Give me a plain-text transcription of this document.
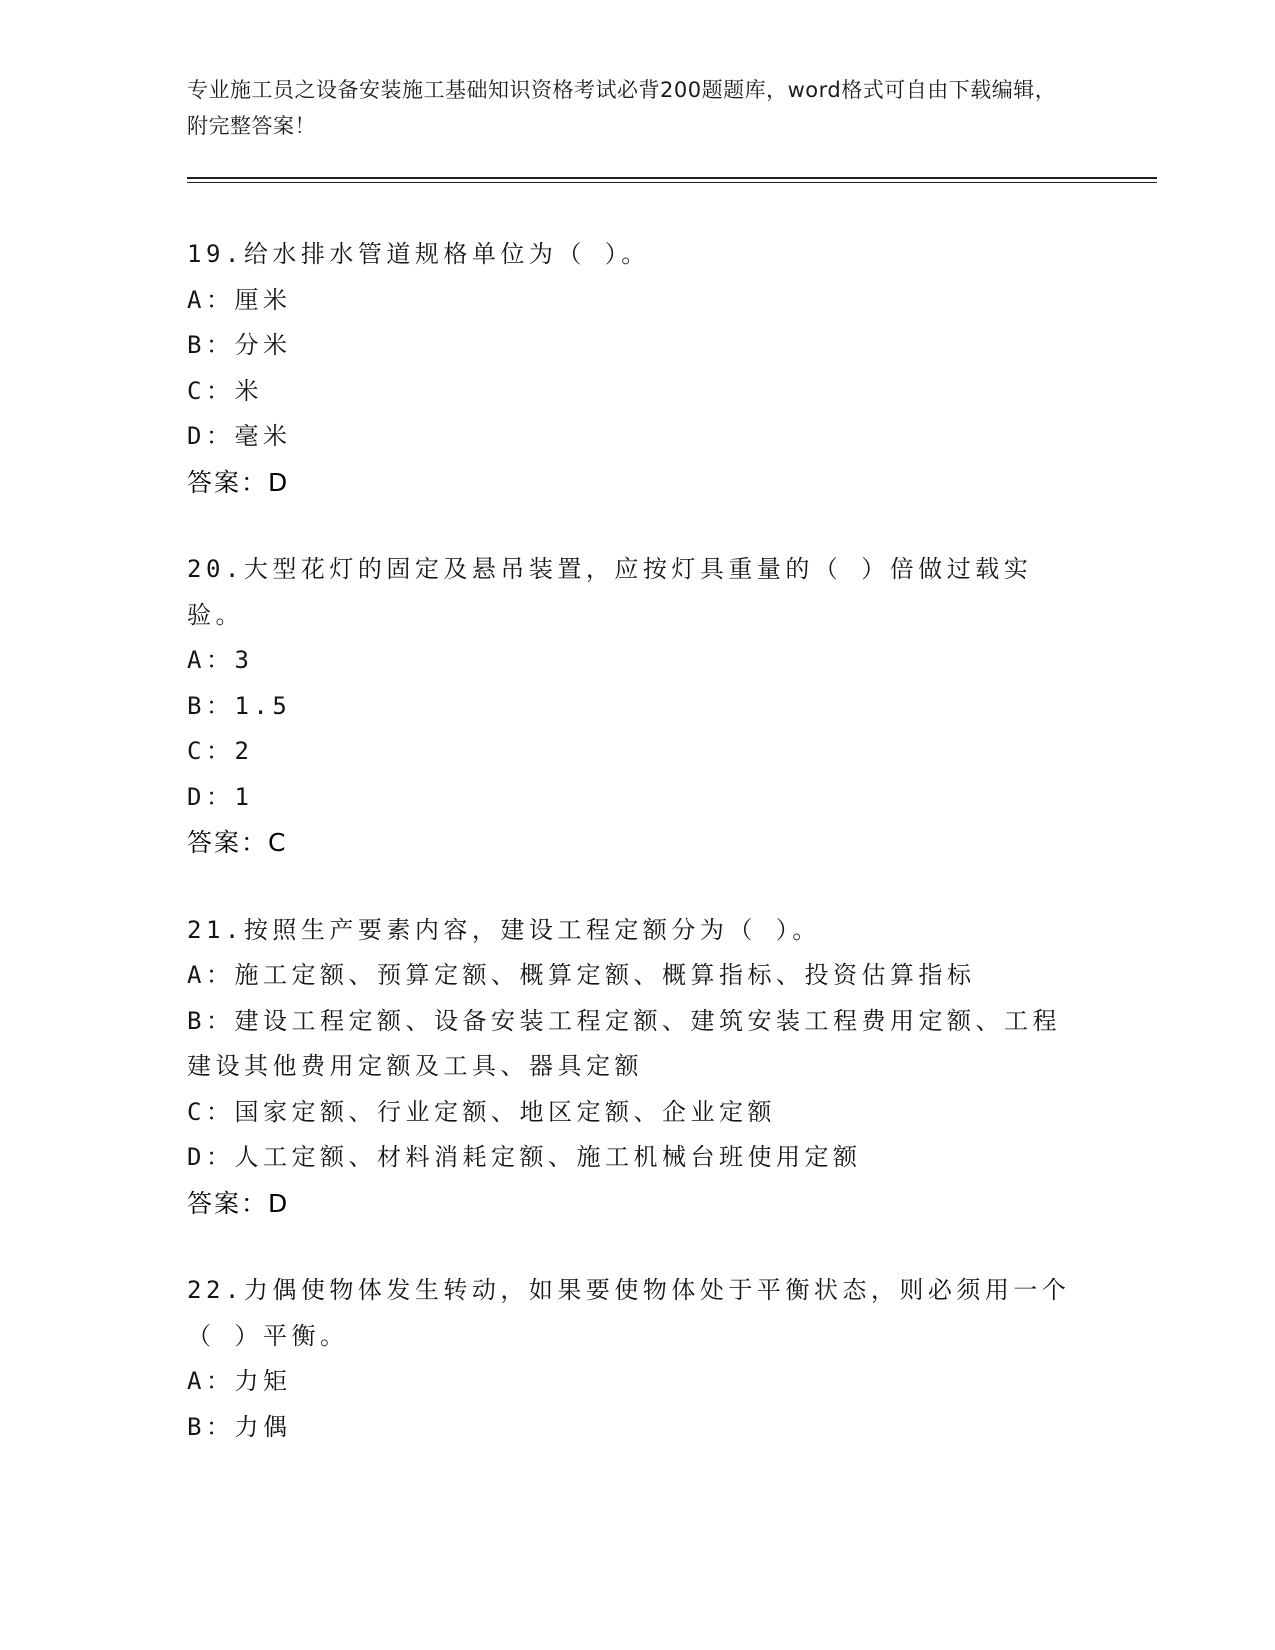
专业施工员之设备安装施工基础知识资格考试必背200题题库，word格式可自由下载编辑，附完整答案！
19.给水排水管道规格单位为（ ）。
A：厘米
B：分米
C：米
D：毫米
答案：D
20.大型花灯的固定及悬吊装置，应按灯具重量的（ ）倍做过载实验。
A：3
B：1.5
C：2
D：1
答案：C
21.按照生产要素内容，建设工程定额分为（ ）。
A：施工定额、预算定额、概算定额、概算指标、投资估算指标
B：建设工程定额、设备安装工程定额、建筑安装工程费用定额、工程建设其他费用定额及工具、器具定额
C：国家定额、行业定额、地区定额、企业定额
D：人工定额、材料消耗定额、施工机械台班使用定额
答案：D
22.力偶使物体发生转动，如果要使物体处于平衡状态，则必须用一个（ ）平衡。
A：力矩
B：力偶
